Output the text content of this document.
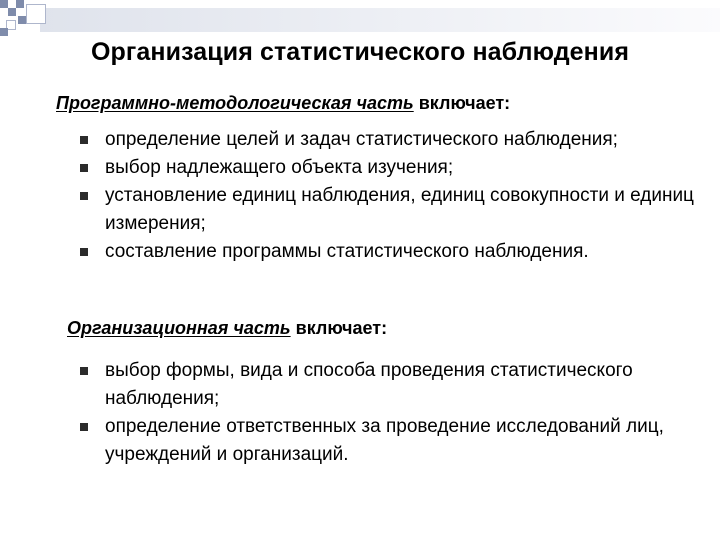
Организация статистического наблюдения
Программно-методологическая часть включает:
определение целей и задач статистического наблюдения;
выбор надлежащего объекта изучения;
установление единиц наблюдения, единиц совокупности и единиц измерения;
составление программы статистического наблюдения.
Организационная часть включает:
выбор формы, вида и способа проведения статистического наблюдения;
определение ответственных за проведение исследований лиц, учреждений и организаций.
